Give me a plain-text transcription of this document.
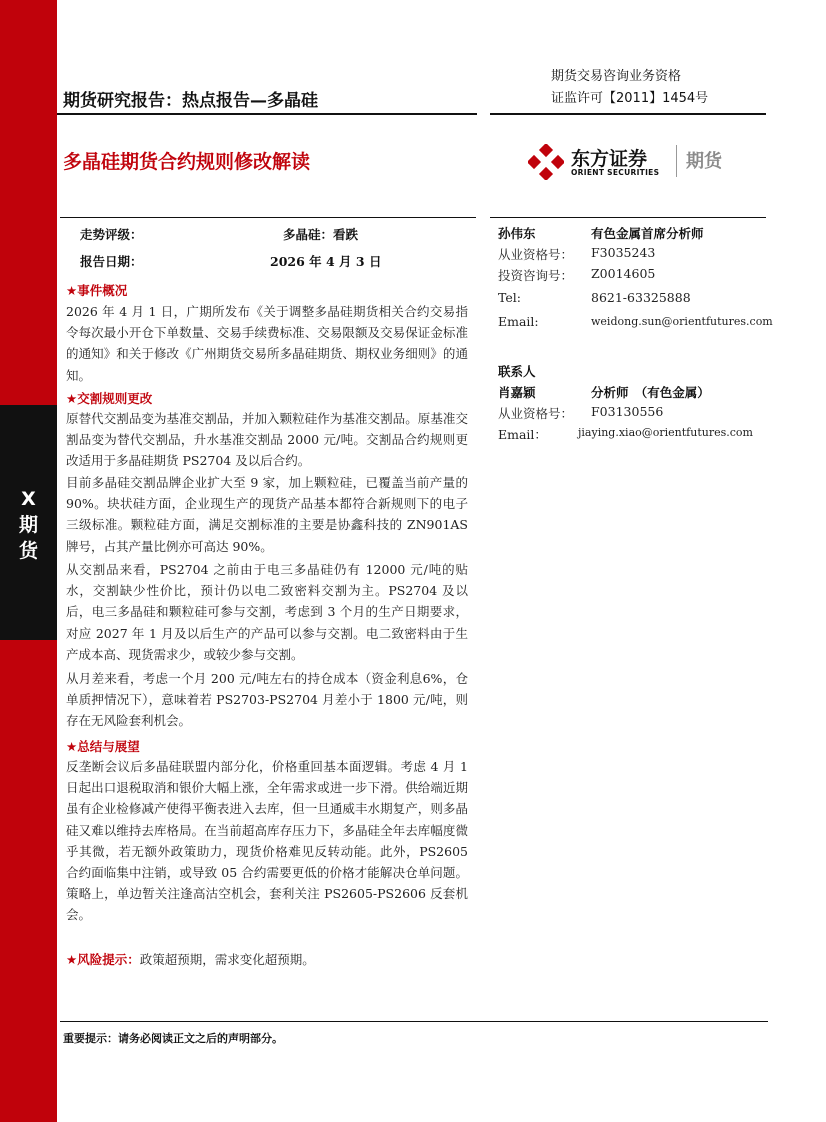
X
期
货
期货研究报告：热点报告—多晶硅
期货交易咨询业务资格
证监许可【2011】1454号
多晶硅期货合约规则修改解读	东方证券
ORIENT SECURITIES
期货
走势评级：	多晶硅：看跌
报告日期：	2026 年 4 月 3 日
★事件概况
2026 年 4 月 1 日，广期所发布《关于调整多晶硅期货相关合约交易指令每次最小开仓下单数量、交易手续费标准、交易限额及交易保证金标准的通知》和关于修改《广州期货交易所多晶硅期货、期权业务细则》的通知。
★交割规则更改
原替代交割品变为基准交割品，并加入颗粒硅作为基准交割品。原基准交割品变为替代交割品，升水基准交割品 2000 元/吨。交割品合约规则更改适用于多晶硅期货 PS2704 及以后合约。
目前多晶硅交割品牌企业扩大至 9 家，加上颗粒硅，已覆盖当前产量的 90%。块状硅方面，企业现生产的现货产品基本都符合新规则下的电子三级标准。颗粒硅方面，满足交割标准的主要是协鑫科技的 ZN901AS 牌号，占其产量比例亦可高达 90%。
从交割品来看，PS2704 之前由于电三多晶硅仍有 12000 元/吨的贴水，交割缺少性价比，预计仍以电二致密料交割为主。PS2704 及以后，电三多晶硅和颗粒硅可参与交割，考虑到 3 个月的生产日期要求，对应 2027 年 1 月及以后生产的产品可以参与交割。电二致密料由于生产成本高、现货需求少，或较少参与交割。
从月差来看，考虑一个月 200 元/吨左右的持仓成本（资金利息6%，仓单质押情况下），意味着若 PS2703-PS2704 月差小于 1800 元/吨，则存在无风险套利机会。
★总结与展望
反垄断会议后多晶硅联盟内部分化，价格重回基本面逻辑。考虑 4 月 1 日起出口退税取消和银价大幅上涨，全年需求或进一步下滑。供给端近期虽有企业检修减产使得平衡表进入去库，但一旦通威丰水期复产，则多晶硅又难以维持去库格局。在当前超高库存压力下，多晶硅全年去库幅度微乎其微，若无额外政策助力，现货价格难见反转动能。此外，PS2605 合约面临集中注销，或导致 05 合约需要更低的价格才能解决仓单问题。策略上，单边暂关注逢高沽空机会，套利关注 PS2605-PS2606 反套机会。
★风险提示：政策超预期，需求变化超预期。
孙伟东	有色金属首席分析师
从业资格号： F3035243
投资咨询号： Z0014605
Tel:	8621-63325888
Email:	weidong.sun@orientfutures.com
联系人
肖嘉颖	分析师　（有色金属）
从业资格号： F03130556
Email：	jiaying.xiao@orientfutures.com
重要提示：请务必阅读正文之后的声明部分。
